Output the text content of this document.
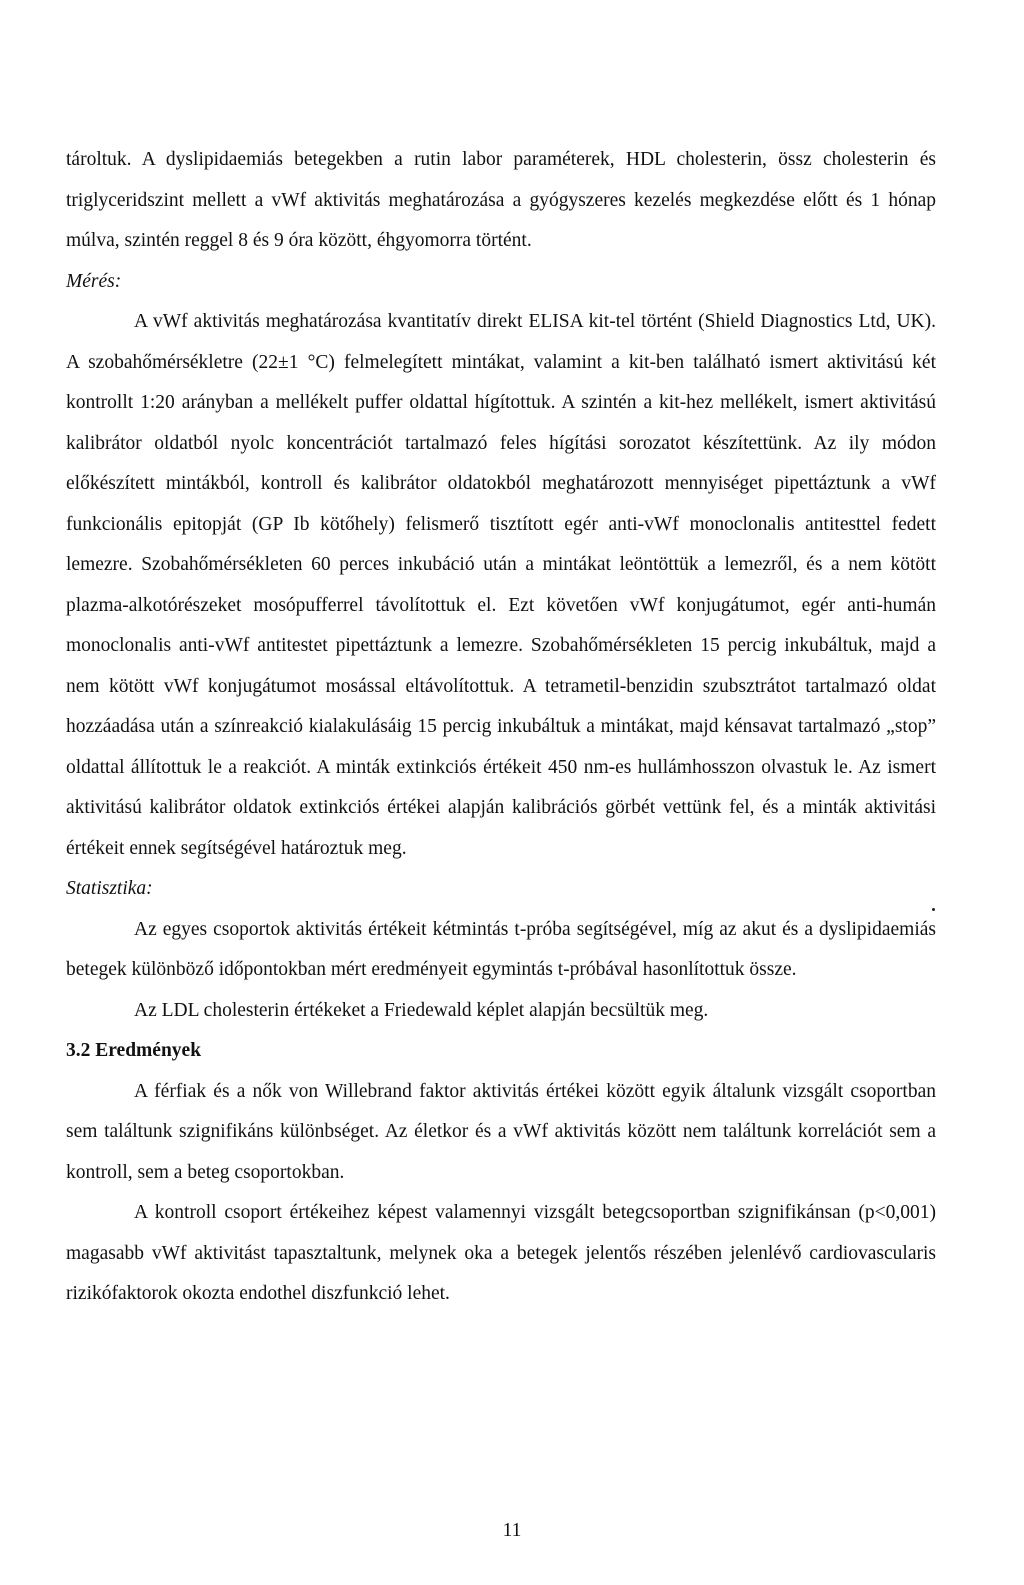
tároltuk. A dyslipidaemiás betegekben a rutin labor paraméterek, HDL cholesterin, össz cholesterin és triglyceridszint mellett a vWf aktivitás meghatározása a gyógyszeres kezelés megkezdése előtt és 1 hónap múlva, szintén reggel 8 és 9 óra között, éhgyomorra történt.

Mérés:

A vWf aktivitás meghatározása kvantitatív direkt ELISA kit-tel történt (Shield Diagnostics Ltd, UK). A szobahőmérsékletre (22±1 °C) felmelegített mintákat, valamint a kit-ben található ismert aktivitású két kontrollt 1:20 arányban a mellékelt puffer oldattal hígítottuk. A szintén a kit-hez mellékelt, ismert aktivitású kalibrátor oldatból nyolc koncentrációt tartalmazó feles hígítási sorozatot készítettünk. Az ily módon előkészített mintákból, kontroll és kalibrátor oldatokból meghatározott mennyiséget pipettáztunk a vWf funkcionális epitopját (GP Ib kötőhely) felismerő tisztított egér anti-vWf monoclonalis antitesttel fedett lemezre. Szobahőmérsékleten 60 perces inkubáció után a mintákat leöntöttük a lemezről, és a nem kötött plazma-alkotórészeket mosópufferrel távolítottuk el. Ezt követően vWf konjugátumot, egér anti-humán monoclonalis anti-vWf antitestet pipettáztunk a lemezre. Szobahőmérsékleten 15 percig inkubáltuk, majd a nem kötött vWf konjugátumot mosással eltávolítottuk. A tetrametil-benzidin szubsztrátot tartalmazó oldat hozzáadása után a színreakció kialakulásáig 15 percig inkubáltuk a mintákat, majd kénsavat tartalmazó „stop” oldattal állítottuk le a reakciót. A minták extinkciós értékeit 450 nm-es hullámhosszon olvastuk le. Az ismert aktivitású kalibrátor oldatok extinkciós értékei alapján kalibrációs görbét vettünk fel, és a minták aktivitási értékeit ennek segítségével határoztuk meg.

Statisztika:

Az egyes csoportok aktivitás értékeit kétmintás t-próba segítségével, míg az akut és a dyslipidaemiás betegek különböző időpontokban mért eredményeit egymintás t-próbával hasonlítottuk össze.

Az LDL cholesterin értékeket a Friedewald képlet alapján becsültük meg.

3.2 Eredmények

A férfiak és a nők von Willebrand faktor aktivitás értékei között egyik általunk vizsgált csoportban sem találtunk szignifikáns különbséget. Az életkor és a vWf aktivitás között nem találtunk korrelációt sem a kontroll, sem a beteg csoportokban.

A kontroll csoport értékeihez képest valamennyi vizsgált betegcsoportban szignifikánsan (p<0,001) magasabb vWf aktivitást tapasztaltunk, melynek oka a betegek jelentős részében jelenlévő cardiovascularis rizikófaktorok okozta endothel diszfunkció lehet.

11
